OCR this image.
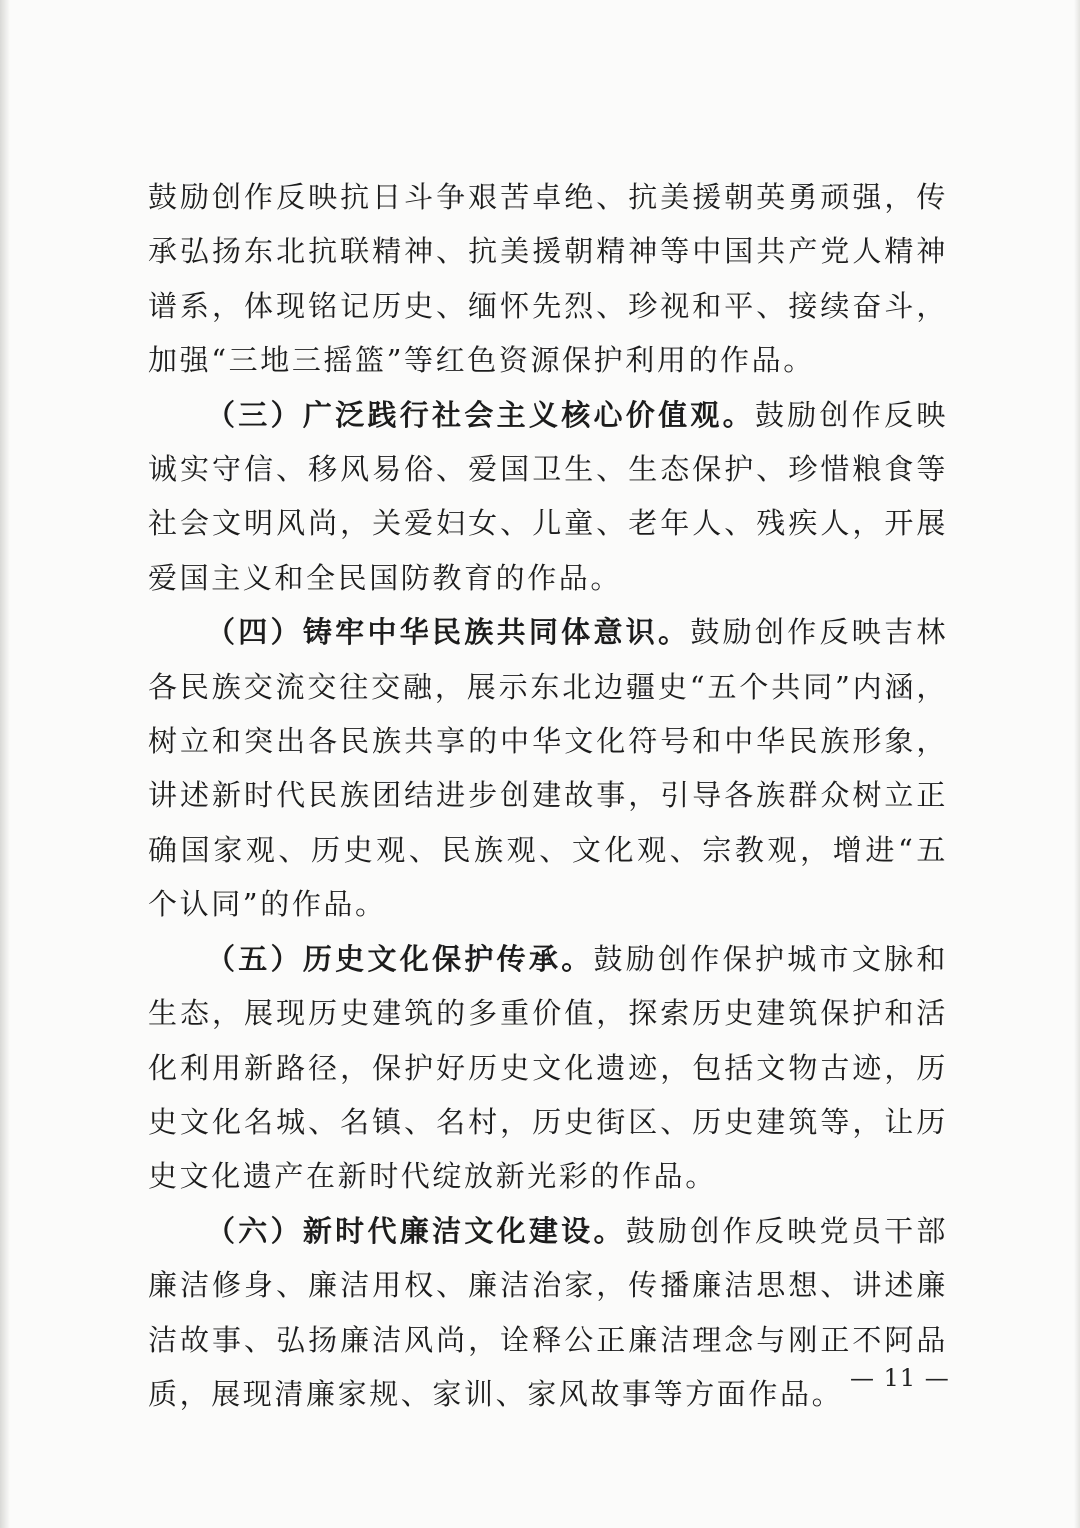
鼓励创作反映抗日斗争艰苦卓绝、抗美援朝英勇顽强，传承弘扬东北抗联精神、抗美援朝精神等中国共产党人精神谱系，体现铭记历史、缅怀先烈、珍视和平、接续奋斗，加强“三地三摇篮”等红色资源保护利用的作品。

（三）广泛践行社会主义核心价值观。鼓励创作反映诚实守信、移风易俗、爱国卫生、生态保护、珍惜粮食等社会文明风尚，关爱妇女、儿童、老年人、残疾人，开展爱国主义和全民国防教育的作品。

（四）铸牢中华民族共同体意识。鼓励创作反映吉林各民族交流交往交融，展示东北边疆史“五个共同”内涵，树立和突出各民族共享的中华文化符号和中华民族形象，讲述新时代民族团结进步创建故事，引导各族群众树立正确国家观、历史观、民族观、文化观、宗教观，增进“五个认同”的作品。

（五）历史文化保护传承。鼓励创作保护城市文脉和生态，展现历史建筑的多重价值，探索历史建筑保护和活化利用新路径，保护好历史文化遗迹，包括文物古迹，历史文化名城、名镇、名村，历史街区、历史建筑等，让历史文化遗产在新时代绽放新光彩的作品。

（六）新时代廉洁文化建设。鼓励创作反映党员干部廉洁修身、廉洁用权、廉洁治家，传播廉洁思想、讲述廉洁故事、弘扬廉洁风尚，诠释公正廉洁理念与刚正不阿品质，展现清廉家规、家训、家风故事等方面作品。 — 11 —
